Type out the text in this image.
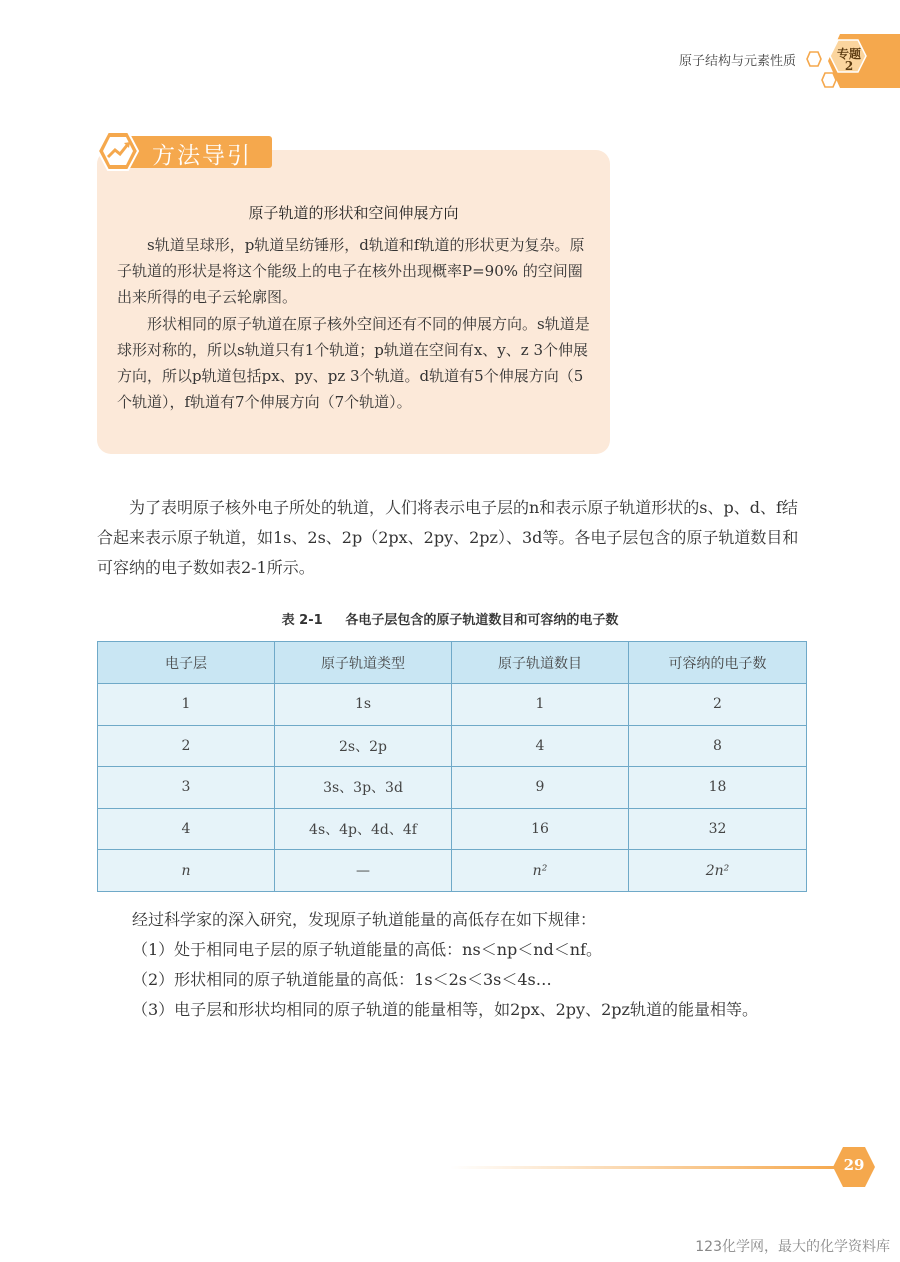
原子结构与元素性质	专题
2
方法导引
原子轨道的形状和空间伸展方向

s轨道呈球形，p轨道呈纺锤形，d轨道和f轨道的形状更为复杂。原子轨道的形状是将这个能级上的电子在核外出现概率P=90% 的空间圈出来所得的电子云轮廓图。

形状相同的原子轨道在原子核外空间还有不同的伸展方向。s轨道是球形对称的，所以s轨道只有1个轨道；p轨道在空间有x、y、z 3个伸展方向，所以p轨道包括px、py、pz 3个轨道。d轨道有5个伸展方向（5个轨道），f轨道有7个伸展方向（7个轨道）。

为了表明原子核外电子所处的轨道，人们将表示电子层的n和表示原子轨道形状的s、p、d、f结合起来表示原子轨道，如1s、2s、2p（2px、2py、2pz）、3d等。各电子层包含的原子轨道数目和可容纳的电子数如表2-1所示。

表 2-1 各电子层包含的原子轨道数目和可容纳的电子数
电子层	原子轨道类型	原子轨道数目	可容纳的电子数
1	1s	1	2
2	2s、2p	4	8
3	3s、3p、3d	9	18
4	4s、4p、4d、4f	16	32
n	—	n²	2n²
经过科学家的深入研究，发现原子轨道能量的高低存在如下规律：
（1）处于相同电子层的原子轨道能量的高低：ns＜np＜nd＜nf。
（2）形状相同的原子轨道能量的高低：1s＜2s＜3s＜4s…
（3）电子层和形状均相同的原子轨道的能量相等，如2px、2py、2pz轨道的能量相等。
29
123化学网，最大的化学资料库
